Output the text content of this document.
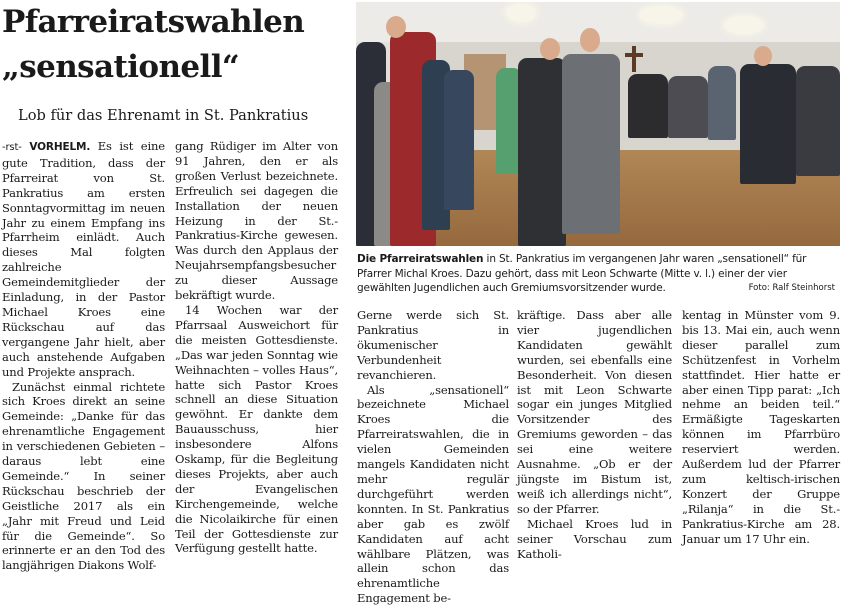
Pfarreiratswahlen
„sensationell“
Lob für das Ehrenamt in St. Pankratius

Die Pfarreiratswahlen in St. Pankratius im vergangenen Jahr waren „sensationell“ für Pfarrer Michal Kroes. Dazu gehört, dass mit Leon Schwarte (Mitte v. l.) einer der vier gewählten Jugendlichen auch Gremiumsvorsitzender wurde.	Foto: Ralf Steinhorst

-rst- VORHELM. Es ist eine gute Tradition, dass der Pfarreirat von St. Pankratius am ersten Sonntagvormittag im neuen Jahr zu einem Empfang ins Pfarrheim einlädt. Auch dieses Mal folgten zahlreiche Gemeindemitglieder der Einladung, in der Pastor Michael Kroes eine Rückschau auf das vergangene Jahr hielt, aber auch anstehende Aufgaben und Projekte ansprach.

Zunächst einmal richtete sich Kroes direkt an seine Gemeinde: „Danke für das ehrenamtliche Engagement in verschiedenen Gebieten – daraus lebt eine Gemeinde.“ In seiner Rückschau beschrieb der Geistliche 2017 als ein „Jahr mit Freud und Leid für die Gemeinde“. So erinnerte er an den Tod des langjährigen Diakons Wolf-

gang Rüdiger im Alter von 91 Jahren, den er als großen Verlust bezeichnete. Erfreulich sei dagegen die Installation der neuen Heizung in der St.-Pankratius-Kirche gewesen. Was durch den Applaus der Neujahrsempfangsbesucher zu dieser Aussage bekräftigt wurde.

14 Wochen war der Pfarrsaal Ausweichort für die meisten Gottesdienste. „Das war jeden Sonntag wie Weihnachten – volles Haus“, hatte sich Pastor Kroes schnell an diese Situation gewöhnt. Er dankte dem Bauausschuss, hier insbesondere Alfons Oskamp, für die Begleitung dieses Projekts, aber auch der Evangelischen Kirchengemeinde, welche die Nicolaikirche für einen Teil der Gottesdienste zur Verfügung gestellt hatte.

Gerne werde sich St. Pankratius in ökumenischer Verbundenheit revanchieren.

Als „sensationell“ bezeichnete Michael Kroes die Pfarreiratswahlen, die in vielen Gemeinden mangels Kandidaten nicht mehr regulär durchgeführt werden konnten. In St. Pankratius aber gab es zwölf Kandidaten auf acht wählbare Plätzen, was allein schon das ehrenamtliche Engagement be-

kräftige. Dass aber alle vier jugendlichen Kandidaten gewählt wurden, sei ebenfalls eine Besonderheit. Von diesen ist mit Leon Schwarte sogar ein junges Mitglied Vorsitzender des Gremiums geworden – das sei eine weitere Ausnahme. „Ob er der jüngste im Bistum ist, weiß ich allerdings nicht“, so der Pfarrer.

Michael Kroes lud in seiner Vorschau zum Katholi-

kentag in Münster vom 9. bis 13. Mai ein, auch wenn dieser parallel zum Schützenfest in Vorhelm stattfindet. Hier hatte er aber einen Tipp parat: „Ich nehme an beiden teil.“ Ermäßigte Tageskarten können im Pfarrbüro reserviert werden. Außerdem lud der Pfarrer zum keltisch-irischen Konzert der Gruppe „Rilanja“ in die St.-Pankratius-Kirche am 28. Januar um 17 Uhr ein.
